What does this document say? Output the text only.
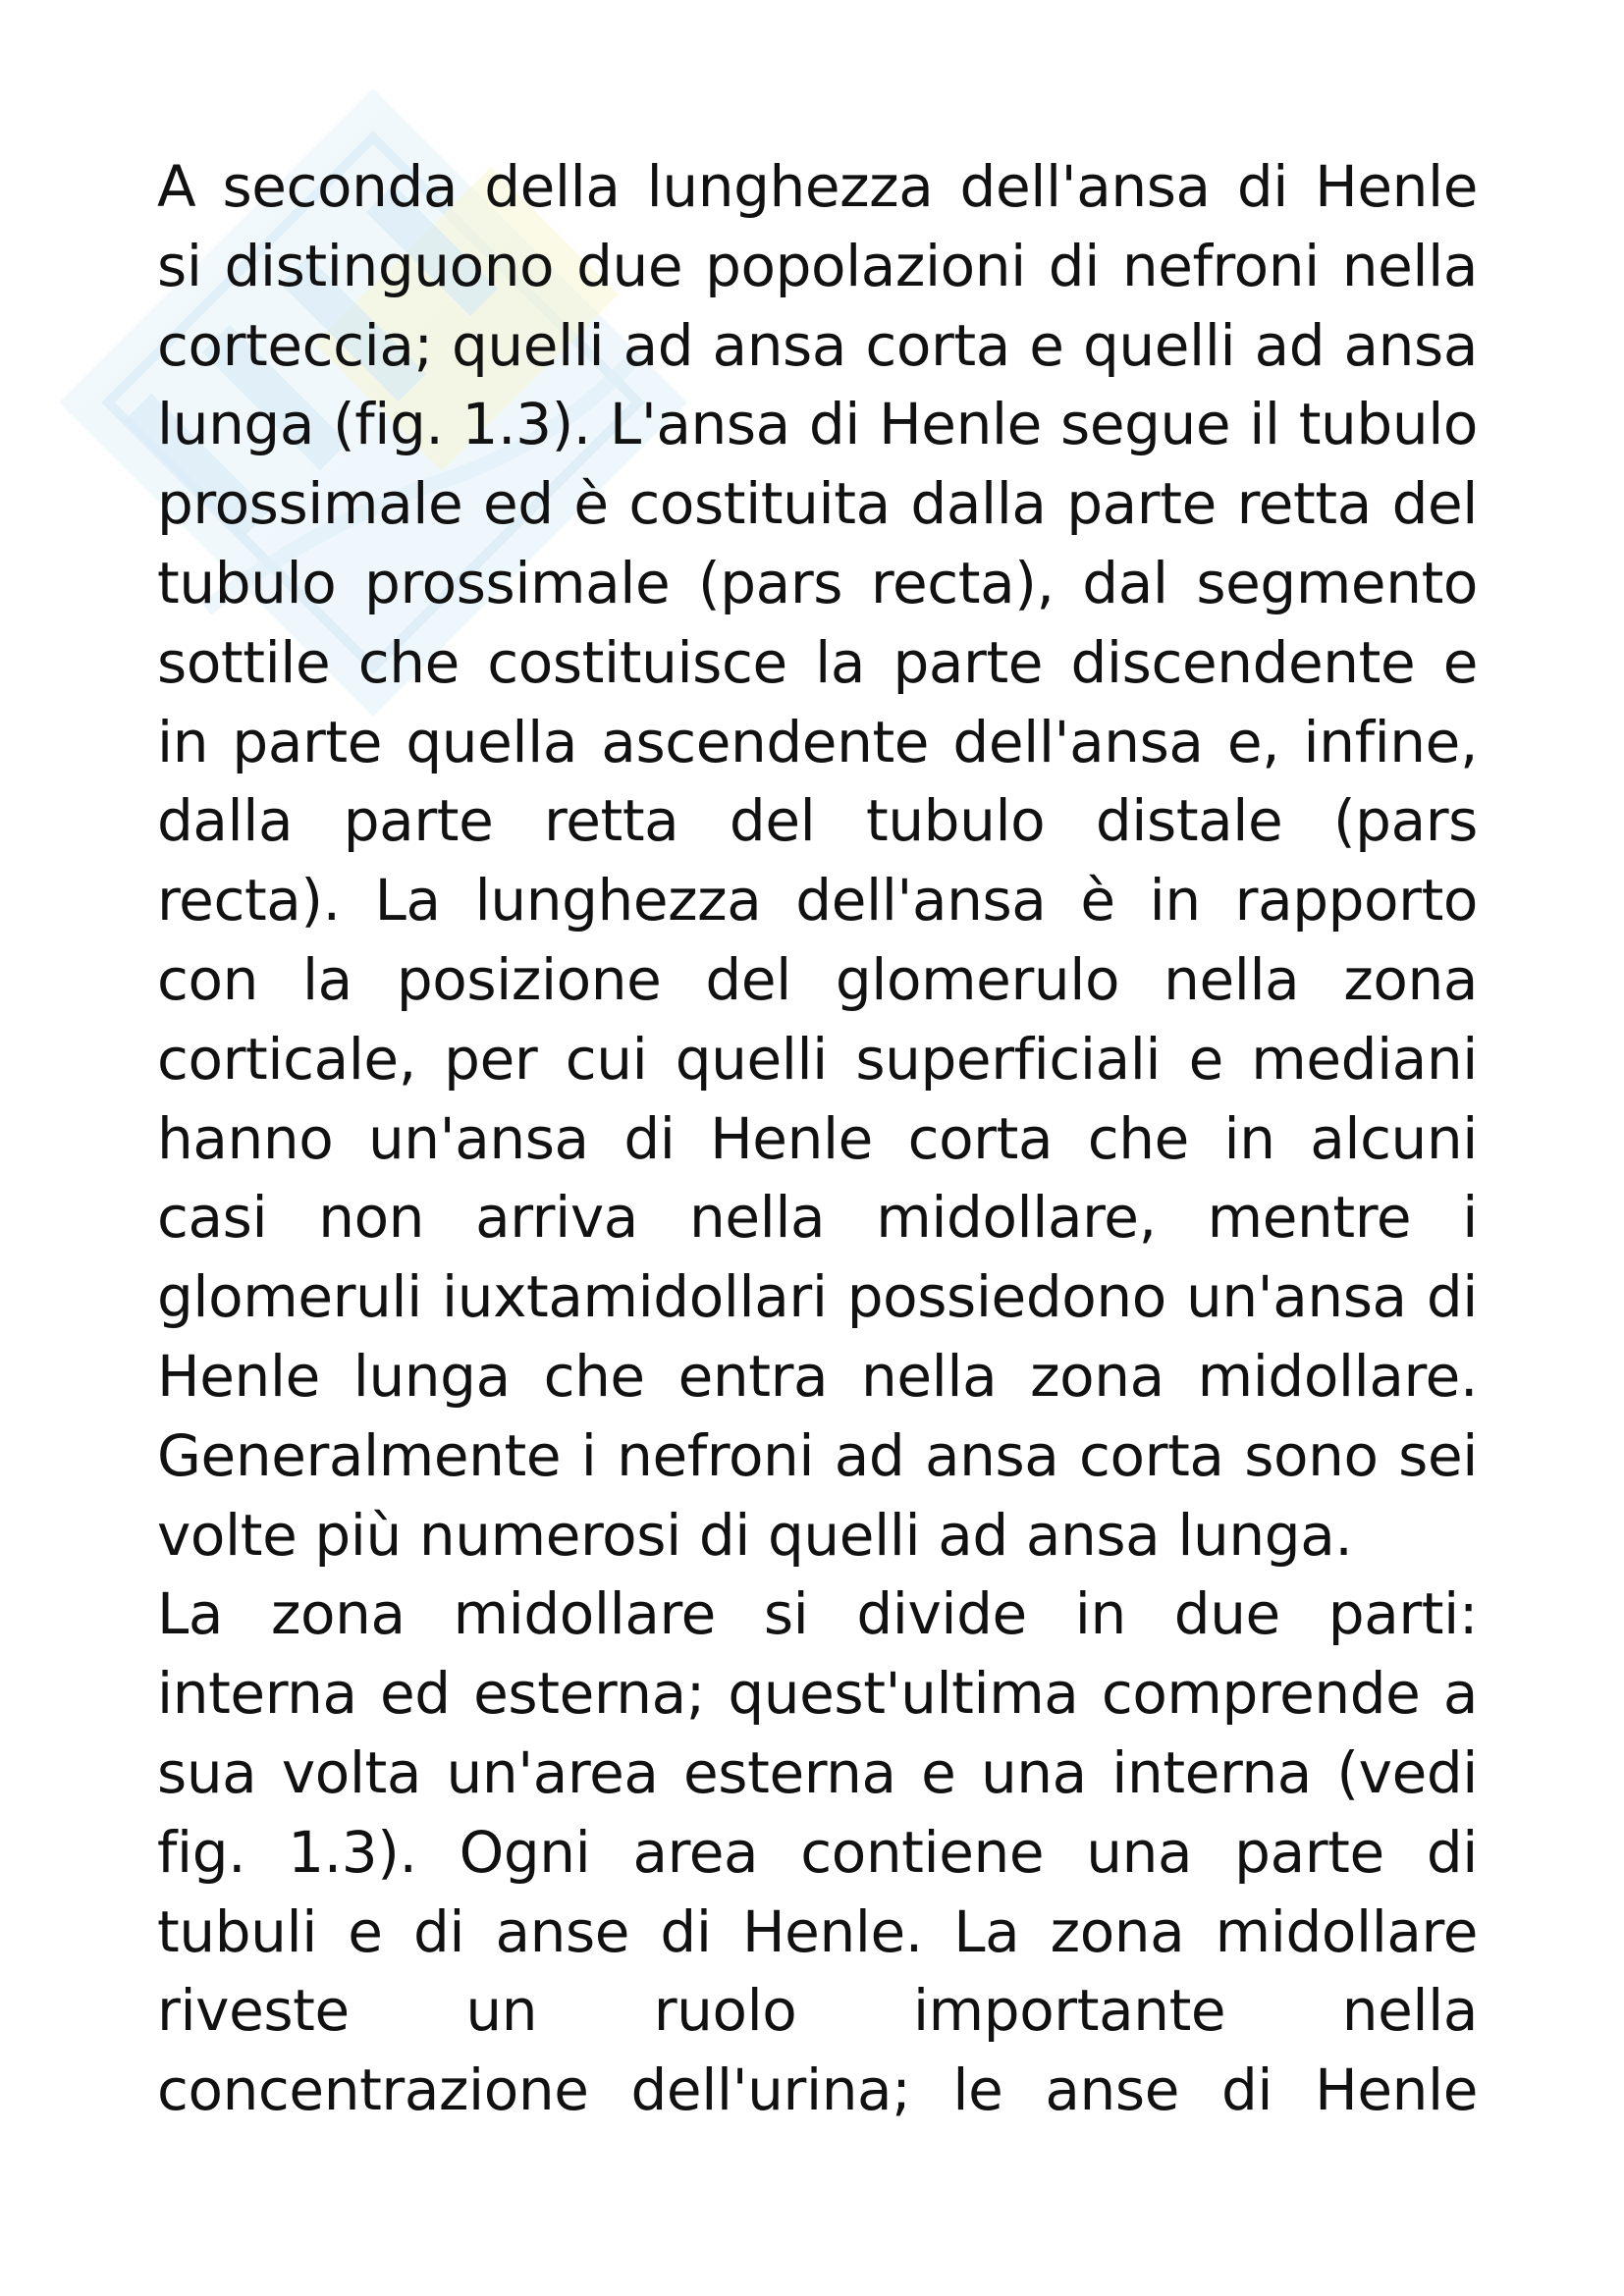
A seconda della lunghezza dell'ansa di Henle si distinguono due popolazioni di nefroni nella corteccia; quelli ad ansa corta e quelli ad ansa lunga (fig. 1.3). L'ansa di Henle segue il tubulo prossimale ed è costituita dalla parte retta del tubulo prossimale (pars recta), dal segmento sottile che costituisce la parte discendente e in parte quella ascendente dell'ansa e, infine, dalla parte retta del tubulo distale (pars recta). La lunghezza dell'ansa è in rapporto con la posizione del glomerulo nella zona corticale, per cui quelli superficiali e mediani hanno un'ansa di Henle corta che in alcuni casi non arriva nella midollare, mentre i glomeruli iuxtamidollari possiedono un'ansa di Henle lunga che entra nella zona midollare. Generalmente i nefroni ad ansa corta sono sei volte più numerosi di quelli ad ansa lunga.

La zona midollare si divide in due parti: interna ed esterna; quest'ultima comprende a sua volta un'area esterna e una interna (vedi fig. 1.3). Ogni area contiene una parte di tubuli e di anse di Henle. La zona midollare riveste un ruolo importante nella concentrazione dell'urina; le anse di Henle
